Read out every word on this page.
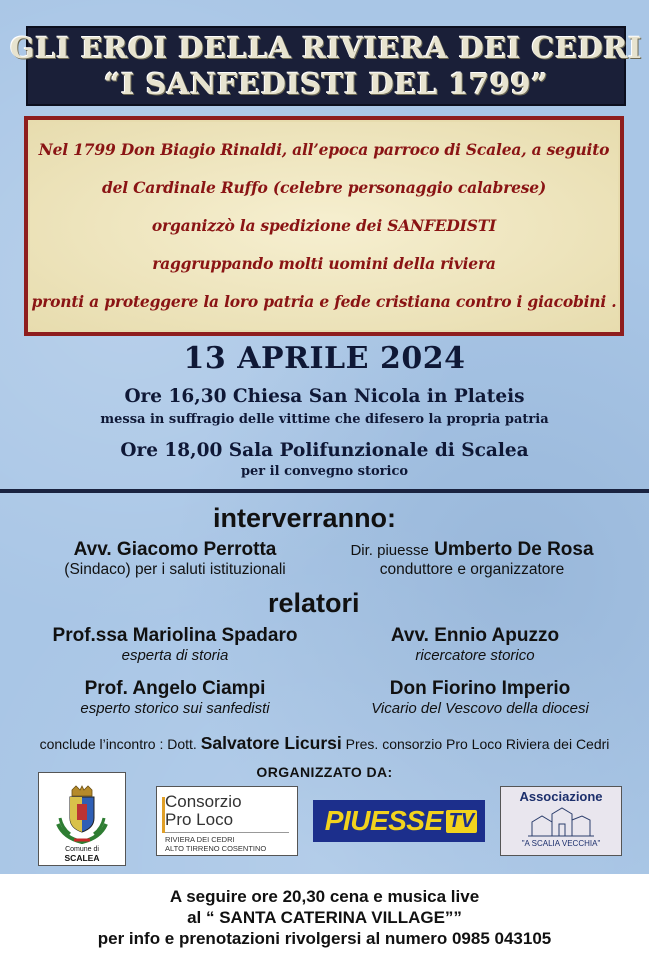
GLI EROI DELLA RIVIERA DEI CEDRI
“I SANFEDISTI DEL 1799”
Nel 1799 Don Biagio Rinaldi, all’epoca parroco di Scalea, a seguito
del Cardinale Ruffo (celebre personaggio calabrese)
organizzò la spedizione dei SANFEDISTI
raggruppando molti uomini della riviera
pronti a proteggere la loro patria e fede cristiana contro i giacobini .
13 APRILE 2024
Ore 16,30 Chiesa San Nicola in Plateis
messa in suffragio delle vittime che difesero la propria patria
Ore 18,00 Sala Polifunzionale di Scalea
per il convegno storico
interverranno:
Avv. Giacomo Perrotta
(Sindaco) per i saluti istituzionali
Dir. piuesse Umberto De Rosa
conduttore e organizzatore
relatori
Prof.ssa Mariolina Spadaro
esperta di storia
Avv. Ennio Apuzzo
ricercatore storico
Prof. Angelo Ciampi
esperto storico sui sanfedisti
Don Fiorino Imperio
Vicario del Vescovo della diocesi
conclude l’incontro : Dott. Salvatore Licursi Pres. consorzio Pro Loco Riviera dei Cedri
ORGANIZZATO DA:
Comune di
SCALEA
Consorzio
Pro Loco
RIVIERA DEI CEDRI
ALTO TIRRENO COSENTINO
PIUESSE TV
Associazione
"A SCALIA VECCHIA"
A seguire ore 20,30 cena e musica live
al “ SANTA CATERINA VILLAGE””
per info e prenotazioni rivolgersi al numero 0985 043105
